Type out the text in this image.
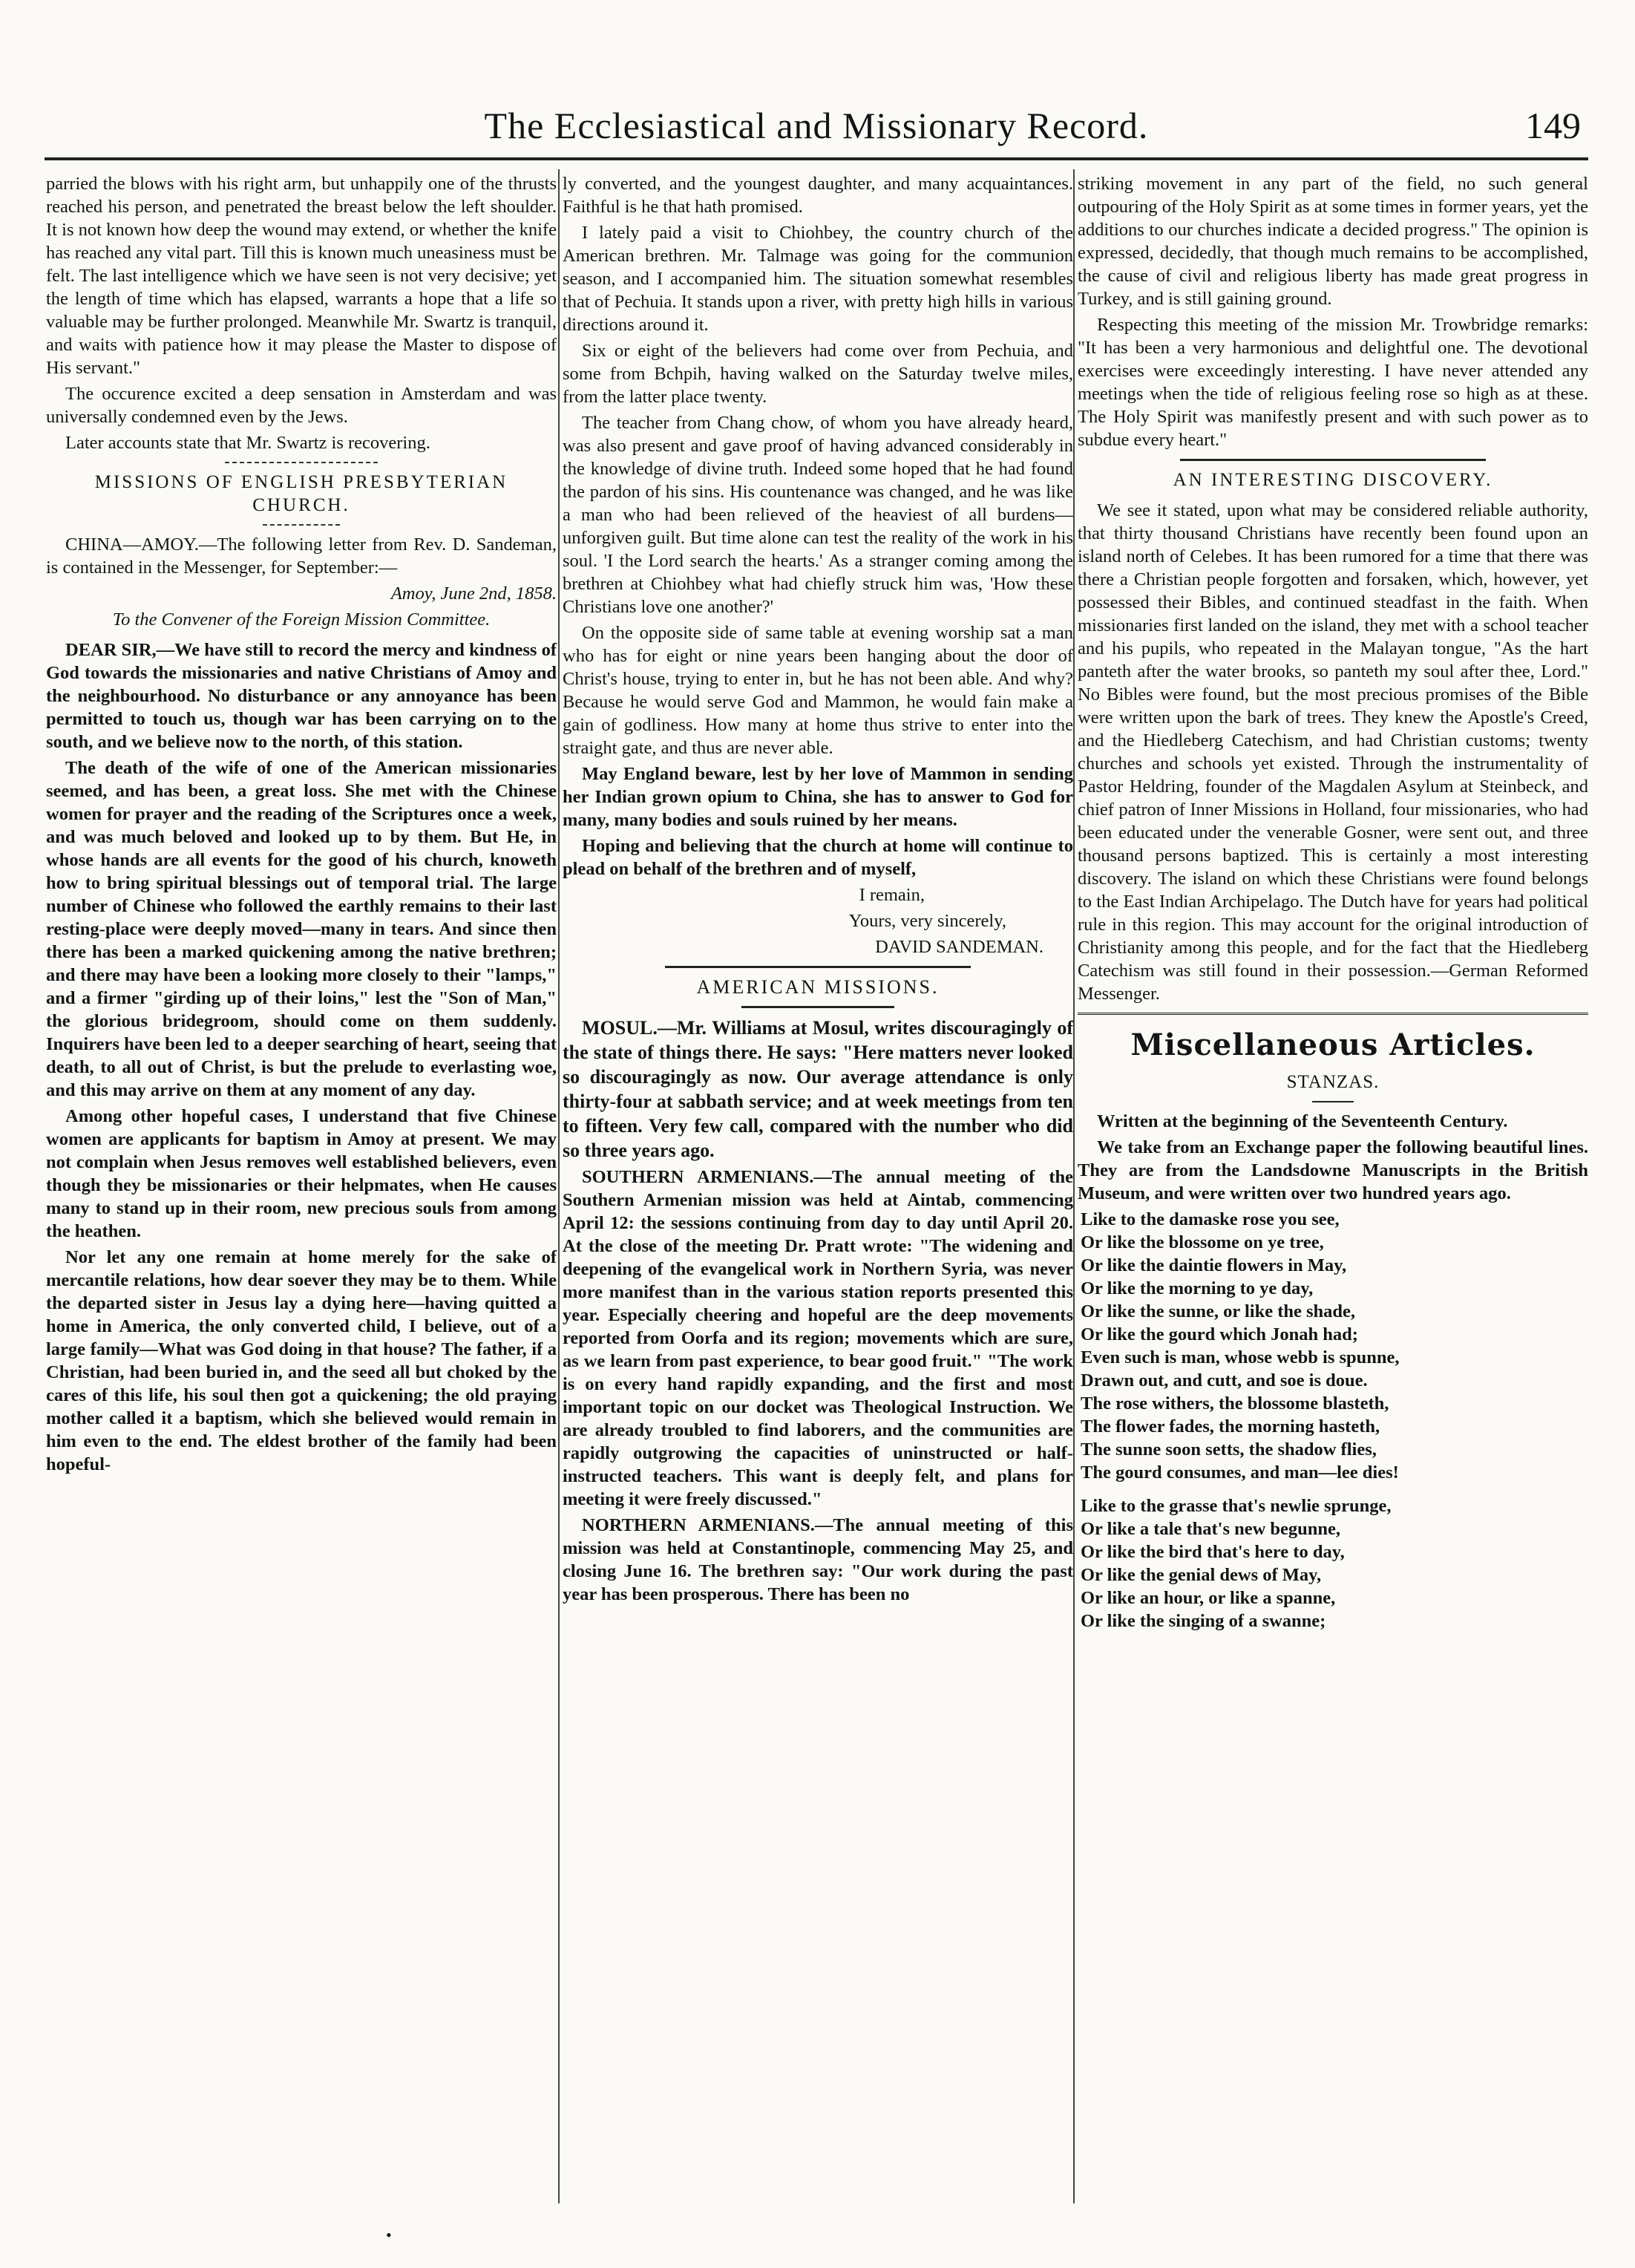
The Ecclesiastical and Missionary Record.	149

parried the blows with his right arm, but unhappily one of the thrusts reached his person, and penetrated the breast below the left shoulder. It is not known how deep the wound may extend, or whether the knife has reached any vital part. Till this is known much uneasiness must be felt. The last intelligence which we have seen is not very decisive; yet the length of time which has elapsed, warrants a hope that a life so valuable may be further prolonged. Meanwhile Mr. Swartz is tranquil, and waits with patience how it may please the Master to dispose of His servant."

The occurence excited a deep sensation in Amsterdam and was universally condemned even by the Jews.

Later accounts state that Mr. Swartz is recovering.

MISSIONS OF ENGLISH PRESBYTERIAN CHURCH.

CHINA—AMOY.—The following letter from Rev. D. Sandeman, is contained in the Messenger, for September:—

Amoy, June 2nd, 1858.

To the Convener of the Foreign Mission Committee.

DEAR SIR,—We have still to record the mercy and kindness of God towards the missionaries and native Christians of Amoy and the neighbourhood. No disturbance or any annoyance has been permitted to touch us, though war has been carrying on to the south, and we believe now to the north, of this station.

The death of the wife of one of the American missionaries seemed, and has been, a great loss. She met with the Chinese women for prayer and the reading of the Scriptures once a week, and was much beloved and looked up to by them. But He, in whose hands are all events for the good of his church, knoweth how to bring spiritual blessings out of temporal trial. The large number of Chinese who followed the earthly remains to their last resting-place were deeply moved—many in tears. And since then there has been a marked quickening among the native brethren; and there may have been a looking more closely to their "lamps," and a firmer "girding up of their loins," lest the "Son of Man," the glorious bridegroom, should come on them suddenly. Inquirers have been led to a deeper searching of heart, seeing that death, to all out of Christ, is but the prelude to everlasting woe, and this may arrive on them at any moment of any day.

Among other hopeful cases, I understand that five Chinese women are applicants for baptism in Amoy at present. We may not complain when Jesus removes well established believers, even though they be missionaries or their helpmates, when He causes many to stand up in their room, new precious souls from among the heathen.

Nor let any one remain at home merely for the sake of mercantile relations, how dear soever they may be to them. While the departed sister in Jesus lay a dying here—having quitted a home in America, the only converted child, I believe, out of a large family—What was God doing in that house? The father, if a Christian, had been buried in, and the seed all but choked by the cares of this life, his soul then got a quickening; the old praying mother called it a baptism, which she believed would remain in him even to the end. The eldest brother of the family had been hopeful-

ly converted, and the youngest daughter, and many acquaintances. Faithful is he that hath promised.

I lately paid a visit to Chiohbey, the country church of the American brethren. Mr. Talmage was going for the communion season, and I accompanied him. The situation somewhat resembles that of Pechuia. It stands upon a river, with pretty high hills in various directions around it.

Six or eight of the believers had come over from Pechuia, and some from Bchpih, having walked on the Saturday twelve miles, from the latter place twenty.

The teacher from Chang chow, of whom you have already heard, was also present and gave proof of having advanced considerably in the knowledge of divine truth. Indeed some hoped that he had found the pardon of his sins. His countenance was changed, and he was like a man who had been relieved of the heaviest of all burdens—unforgiven guilt. But time alone can test the reality of the work in his soul. 'I the Lord search the hearts.' As a stranger coming among the brethren at Chiohbey what had chiefly struck him was, 'How these Christians love one another?'

On the opposite side of same table at evening worship sat a man who has for eight or nine years been hanging about the door of Christ's house, trying to enter in, but he has not been able. And why? Because he would serve God and Mammon, he would fain make a gain of godliness. How many at home thus strive to enter into the straight gate, and thus are never able.

May England beware, lest by her love of Mammon in sending her Indian grown opium to China, she has to answer to God for many, many bodies and souls ruined by her means.

Hoping and believing that the church at home will continue to plead on behalf of the brethren and of myself,

I remain,

Yours, very sincerely,

DAVID SANDEMAN.

AMERICAN MISSIONS.

MOSUL.—Mr. Williams at Mosul, writes discouragingly of the state of things there. He says: "Here matters never looked so discouragingly as now. Our average attendance is only thirty-four at sabbath service; and at week meetings from ten to fifteen. Very few call, compared with the number who did so three years ago.

SOUTHERN ARMENIANS.—The annual meeting of the Southern Armenian mission was held at Aintab, commencing April 12: the sessions continuing from day to day until April 20. At the close of the meeting Dr. Pratt wrote: "The widening and deepening of the evangelical work in Northern Syria, was never more manifest than in the various station reports presented this year. Especially cheering and hopeful are the deep movements reported from Oorfa and its region; movements which are sure, as we learn from past experience, to bear good fruit." "The work is on every hand rapidly expanding, and the first and most important topic on our docket was Theological Instruction. We are already troubled to find laborers, and the communities are rapidly outgrowing the capacities of uninstructed or half-instructed teachers. This want is deeply felt, and plans for meeting it were freely discussed."

NORTHERN ARMENIANS.—The annual meeting of this mission was held at Constantinople, commencing May 25, and closing June 16. The brethren say: "Our work during the past year has been prosperous. There has been no

striking movement in any part of the field, no such general outpouring of the Holy Spirit as at some times in former years, yet the additions to our churches indicate a decided progress." The opinion is expressed, decidedly, that though much remains to be accomplished, the cause of civil and religious liberty has made great progress in Turkey, and is still gaining ground.

Respecting this meeting of the mission Mr. Trowbridge remarks: "It has been a very harmonious and delightful one. The devotional exercises were exceedingly interesting. I have never attended any meetings when the tide of religious feeling rose so high as at these. The Holy Spirit was manifestly present and with such power as to subdue every heart."

AN INTERESTING DISCOVERY.

We see it stated, upon what may be considered reliable authority, that thirty thousand Christians have recently been found upon an island north of Celebes. It has been rumored for a time that there was there a Christian people forgotten and forsaken, which, however, yet possessed their Bibles, and continued steadfast in the faith. When missionaries first landed on the island, they met with a school teacher and his pupils, who repeated in the Malayan tongue, "As the hart panteth after the water brooks, so panteth my soul after thee, Lord." No Bibles were found, but the most precious promises of the Bible were written upon the bark of trees. They knew the Apostle's Creed, and the Hiedleberg Catechism, and had Christian customs; twenty churches and schools yet existed. Through the instrumentality of Pastor Heldring, founder of the Magdalen Asylum at Steinbeck, and chief patron of Inner Missions in Holland, four missionaries, who had been educated under the venerable Gosner, were sent out, and three thousand persons baptized. This is certainly a most interesting discovery. The island on which these Christians were found belongs to the East Indian Archipelago. The Dutch have for years had political rule in this region. This may account for the original introduction of Christianity among this people, and for the fact that the Hiedleberg Catechism was still found in their possession.—German Reformed Messenger.

Miscellaneous Articles.
STANZAS.

Written at the beginning of the Seventeenth Century.

We take from an Exchange paper the following beautiful lines. They are from the Landsdowne Manuscripts in the British Museum, and were written over two hundred years ago.

Like to the damaske rose you see,
Or like the blossome on ye tree,
Or like the daintie flowers in May,
Or like the morning to ye day,
Or like the sunne, or like the shade,
Or like the gourd which Jonah had;
Even such is man, whose webb is spunne,
Drawn out, and cutt, and soe is doue.
The rose withers, the blossome blasteth,
The flower fades, the morning hasteth,
The sunne soon setts, the shadow flies,
The gourd consumes, and man—lee dies!
Like to the grasse that's newlie sprunge,
Or like a tale that's new begunne,
Or like the bird that's here to day,
Or like the genial dews of May,
Or like an hour, or like a spanne,
Or like the singing of a swanne;
•
